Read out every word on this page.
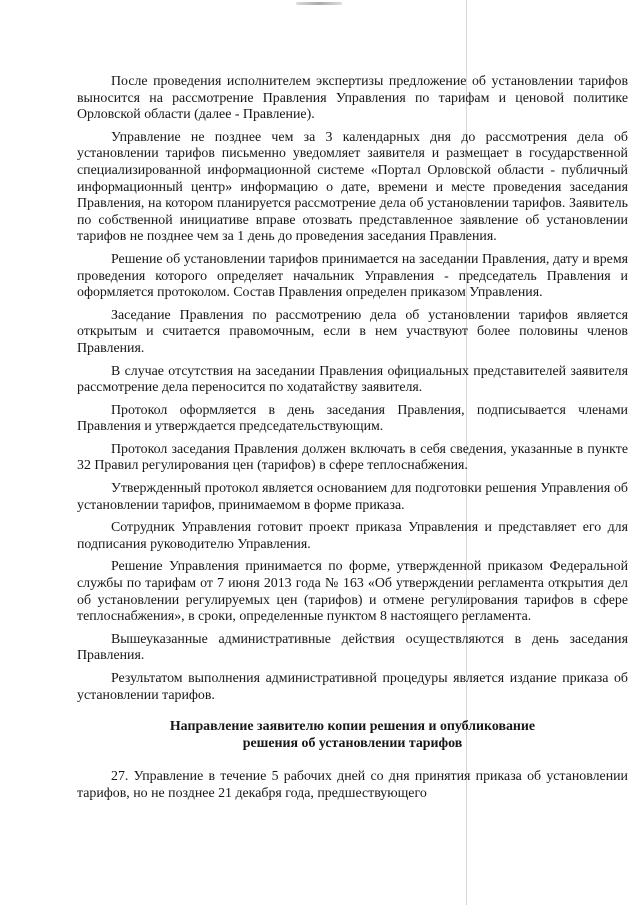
После проведения исполнителем экспертизы предложение об установлении тарифов выносится на рассмотрение Правления Управления по тарифам и ценовой политике Орловской области (далее - Правление).

Управление не позднее чем за 3 календарных дня до рассмотрения дела об установлении тарифов письменно уведомляет заявителя и размещает в государственной специализированной информационной системе «Портал Орловской области - публичный информационный центр» информацию о дате, времени и месте проведения заседания Правления, на котором планируется рассмотрение дела об установлении тарифов. Заявитель по собственной инициативе вправе отозвать представленное заявление об установлении тарифов не позднее чем за 1 день до проведения заседания Правления.

Решение об установлении тарифов принимается на заседании Правления, дату и время проведения которого определяет начальник Управления - председатель Правления и оформляется протоколом. Состав Правления определен приказом Управления.

Заседание Правления по рассмотрению дела об установлении тарифов является открытым и считается правомочным, если в нем участвуют более половины членов Правления.

В случае отсутствия на заседании Правления официальных представителей заявителя рассмотрение дела переносится по ходатайству заявителя.

Протокол оформляется в день заседания Правления, подписывается членами Правления и утверждается председательствующим.

Протокол заседания Правления должен включать в себя сведения, указанные в пункте 32 Правил регулирования цен (тарифов) в сфере теплоснабжения.

Утвержденный протокол является основанием для подготовки решения Управления об установлении тарифов, принимаемом в форме приказа.

Сотрудник Управления готовит проект приказа Управления и представляет его для подписания руководителю Управления.

Решение Управления принимается по форме, утвержденной приказом Федеральной службы по тарифам от 7 июня 2013 года № 163 «Об утверждении регламента открытия дел об установлении регулируемых цен (тарифов) и отмене регулирования тарифов в сфере теплоснабжения», в сроки, определенные пунктом 8 настоящего регламента.

Вышеуказанные административные действия осуществляются в день заседания Правления.

Результатом выполнения административной процедуры является издание приказа об установлении тарифов.

Направление заявителю копии решения и опубликование
решения об установлении тарифов

27. Управление в течение 5 рабочих дней со дня принятия приказа об установлении тарифов, но не позднее 21 декабря года, предшествующего
